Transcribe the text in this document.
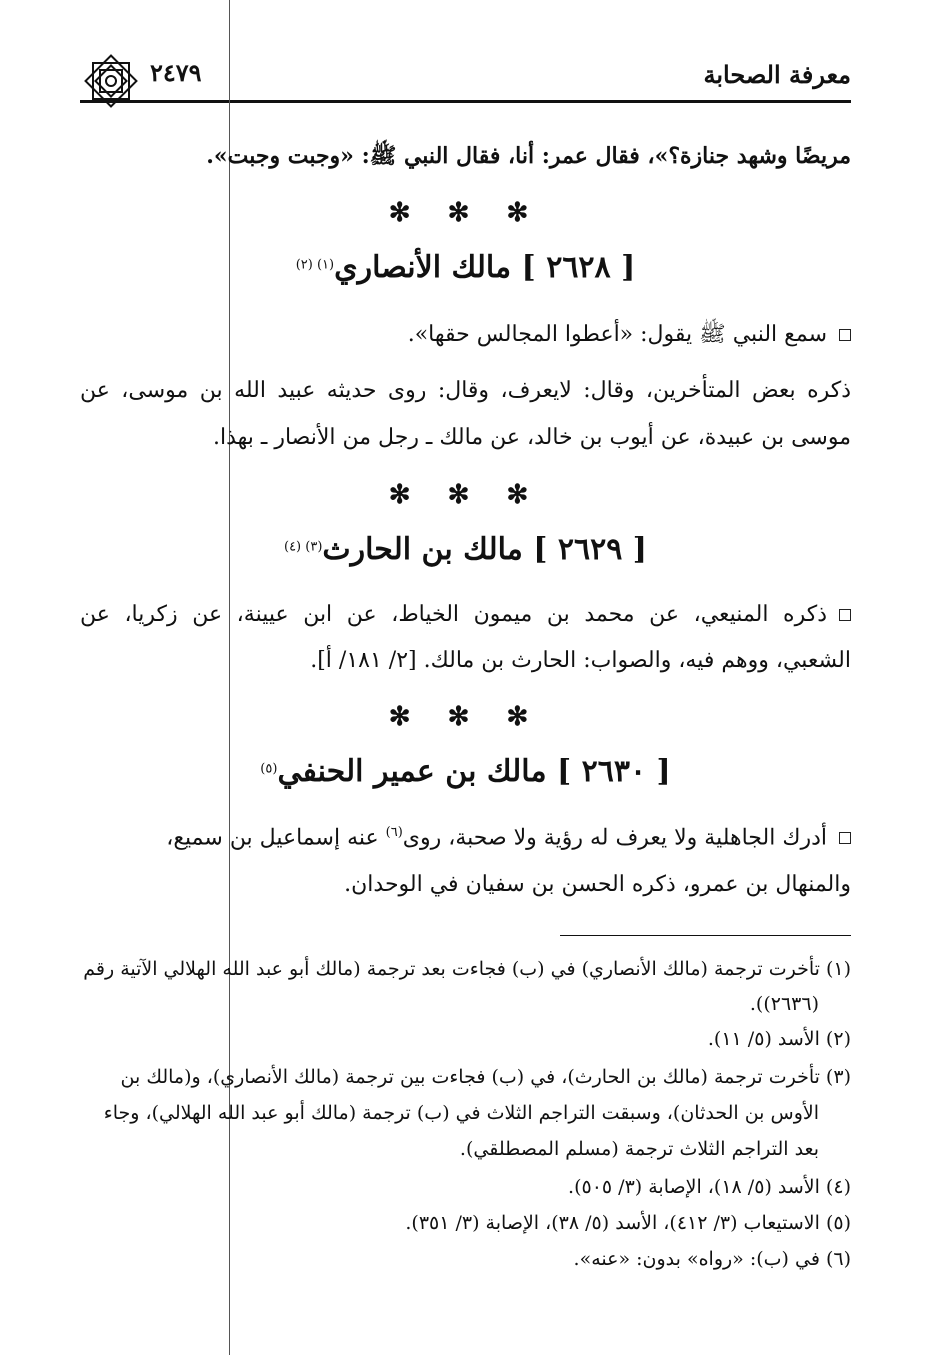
معرفة الصحابة
٢٤٧٩
مريضًا وشهد جنازة؟»، فقال عمر: أنا، فقال النبي ﷺ: «وجبت وجبت».
✻ ✻ ✻
[ ٢٦٢٨ ] مالك الأنصاري$^{(١) (٢)}$
سمع النبي ﷺ يقول: «أعطوا المجالس حقها».
ذكره بعض المتأخرين، وقال: لايعرف، وقال: روى حديثه عبيد الله بن موسى، عن
موسى بن عبيدة، عن أيوب بن خالد، عن مالك ـ رجل من الأنصار ـ بهذا.
✻ ✻ ✻
[ ٢٦٢٩ ] مالك بن الحارث$^{(٣) (٤)}$
ذكره المنيعي، عن محمد بن ميمون الخياط، عن ابن عيينة، عن زكريا، عن
الشعبي، ووهم فيه، والصواب: الحارث بن مالك. [٢/ ١٨١/ أ].
✻ ✻ ✻
[ ٢٦٣٠ ] مالك بن عمير الحنفي$^{(٥)}$
أدرك الجاهلية ولا يعرف له رؤية ولا صحبة، روى$^{(٦)}$ عنه إسماعيل بن سميع،
والمنهال بن عمرو، ذكره الحسن بن سفيان في الوحدان.
(١) تأخرت ترجمة (مالك الأنصاري) في (ب) فجاءت بعد ترجمة (مالك أبو عبد الله الهلالي الآتية رقم
(٢٦٣٦)).
(٢) الأسد (٥/ ١١).
(٣) تأخرت ترجمة (مالك بن الحارث)، في (ب) فجاءت بين ترجمة (مالك الأنصاري)، و(مالك بن
الأوس بن الحدثان)، وسبقت التراجم الثلاث في (ب) ترجمة (مالك أبو عبد الله الهلالي)، وجاء
بعد التراجم الثلاث ترجمة (مسلم المصطلقي).
(٤) الأسد (٥/ ١٨)، الإصابة (٣/ ٥٠٥).
(٥) الاستيعاب (٣/ ٤١٢)، الأسد (٥/ ٣٨)، الإصابة (٣/ ٣٥١).
(٦) في (ب): «رواه» بدون: «عنه».
